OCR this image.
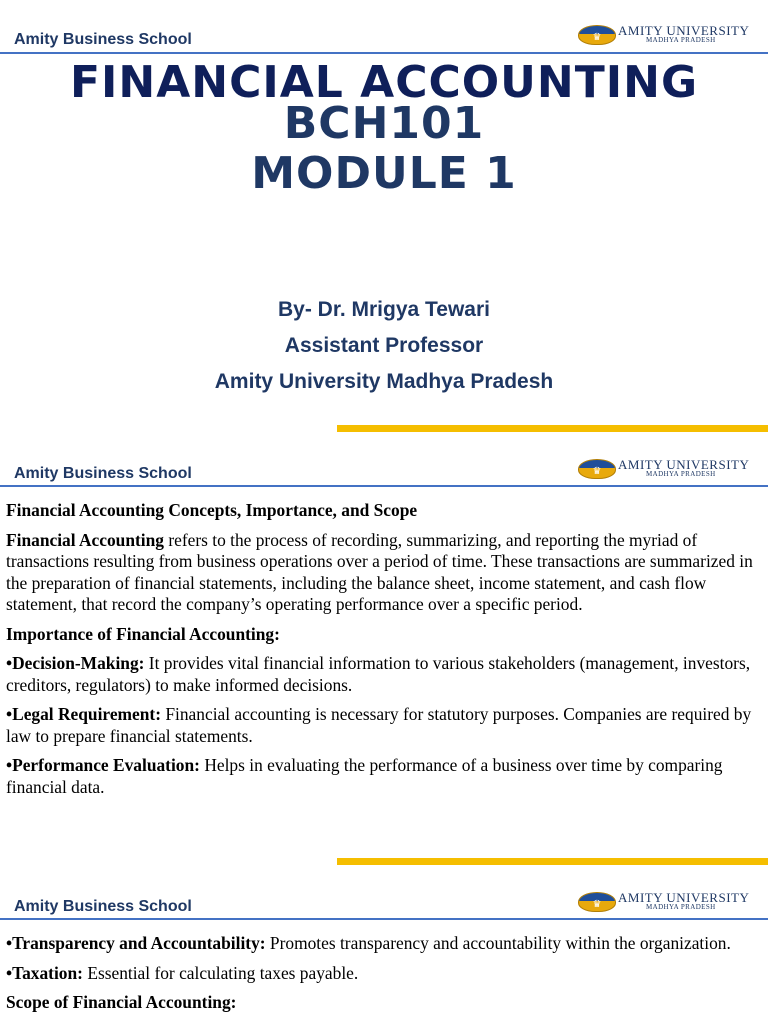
Amity Business School	♛	AMITY UNIVERSITY
MADHYA PRADESH
FINANCIAL ACCOUNTING
BCH101
MODULE 1
By- Dr. Mrigya Tewari
Assistant Professor
Amity University Madhya Pradesh
Amity Business School	♛	AMITY UNIVERSITY
MADHYA PRADESH

Financial Accounting Concepts, Importance, and Scope

Financial Accounting refers to the process of recording, summarizing, and reporting the myriad of transactions resulting from business operations over a period of time. These transactions are summarized in the preparation of financial statements, including the balance sheet, income statement, and cash flow statement, that record the company’s operating performance over a specific period.

Importance of Financial Accounting:

•Decision-Making: It provides vital financial information to various stakeholders (management, investors, creditors, regulators) to make informed decisions.

•Legal Requirement: Financial accounting is necessary for statutory purposes. Companies are required by law to prepare financial statements.

•Performance Evaluation: Helps in evaluating the performance of a business over time by comparing financial data.

Amity Business School	♛	AMITY UNIVERSITY
MADHYA PRADESH

•Transparency and Accountability: Promotes transparency and accountability within the organization.

•Taxation: Essential for calculating taxes payable.

Scope of Financial Accounting:
